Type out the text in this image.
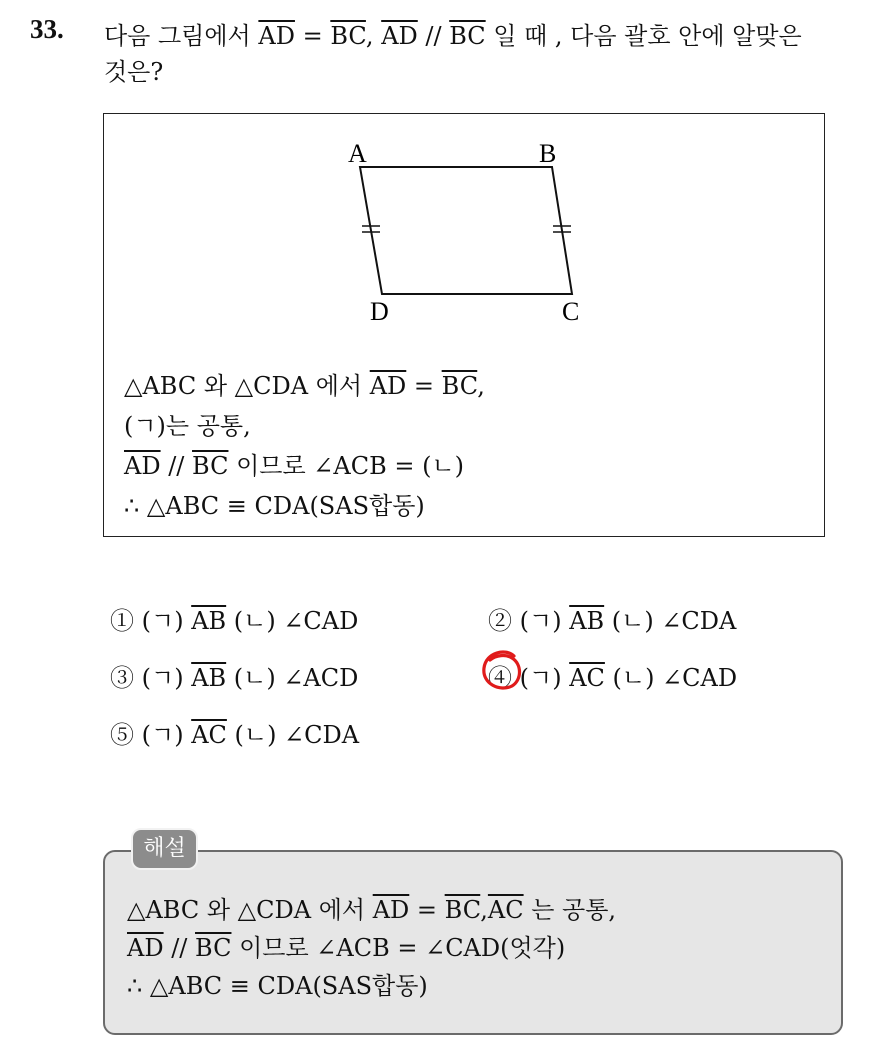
33. 다음 그림에서 $\overline{AD} = \overline{BC}$, $\overline{AD} // \overline{BC}$ 일 때 , 다음 괄호 안에 알맞은
것은?
A	B
D	C
△ABC 와 △CDA 에서 $\overline{AD} = \overline{BC}$,
(ㄱ)는 공통,
$\overline{AD} // \overline{BC}$ 이므로 ∠ACB = (ㄴ)
∴ △ABC ≡ CDA(SAS합동)
① (ㄱ) $\overline{AB}$ (ㄴ) ∠CAD	② (ㄱ) $\overline{AB}$ (ㄴ) ∠CDA
③ (ㄱ) $\overline{AB}$ (ㄴ) ∠ACD	④ (ㄱ) $\overline{AC}$ (ㄴ) ∠CAD
⑤ (ㄱ) $\overline{AC}$ (ㄴ) ∠CDA
△ABC 와 △CDA 에서 $\overline{AD} = \overline{BC},\overline{AC}$ 는 공통,
$\overline{AD} // \overline{BC}$ 이므로 ∠ACB = ∠CAD(엇각)
∴ △ABC ≡ CDA(SAS합동)
해설
